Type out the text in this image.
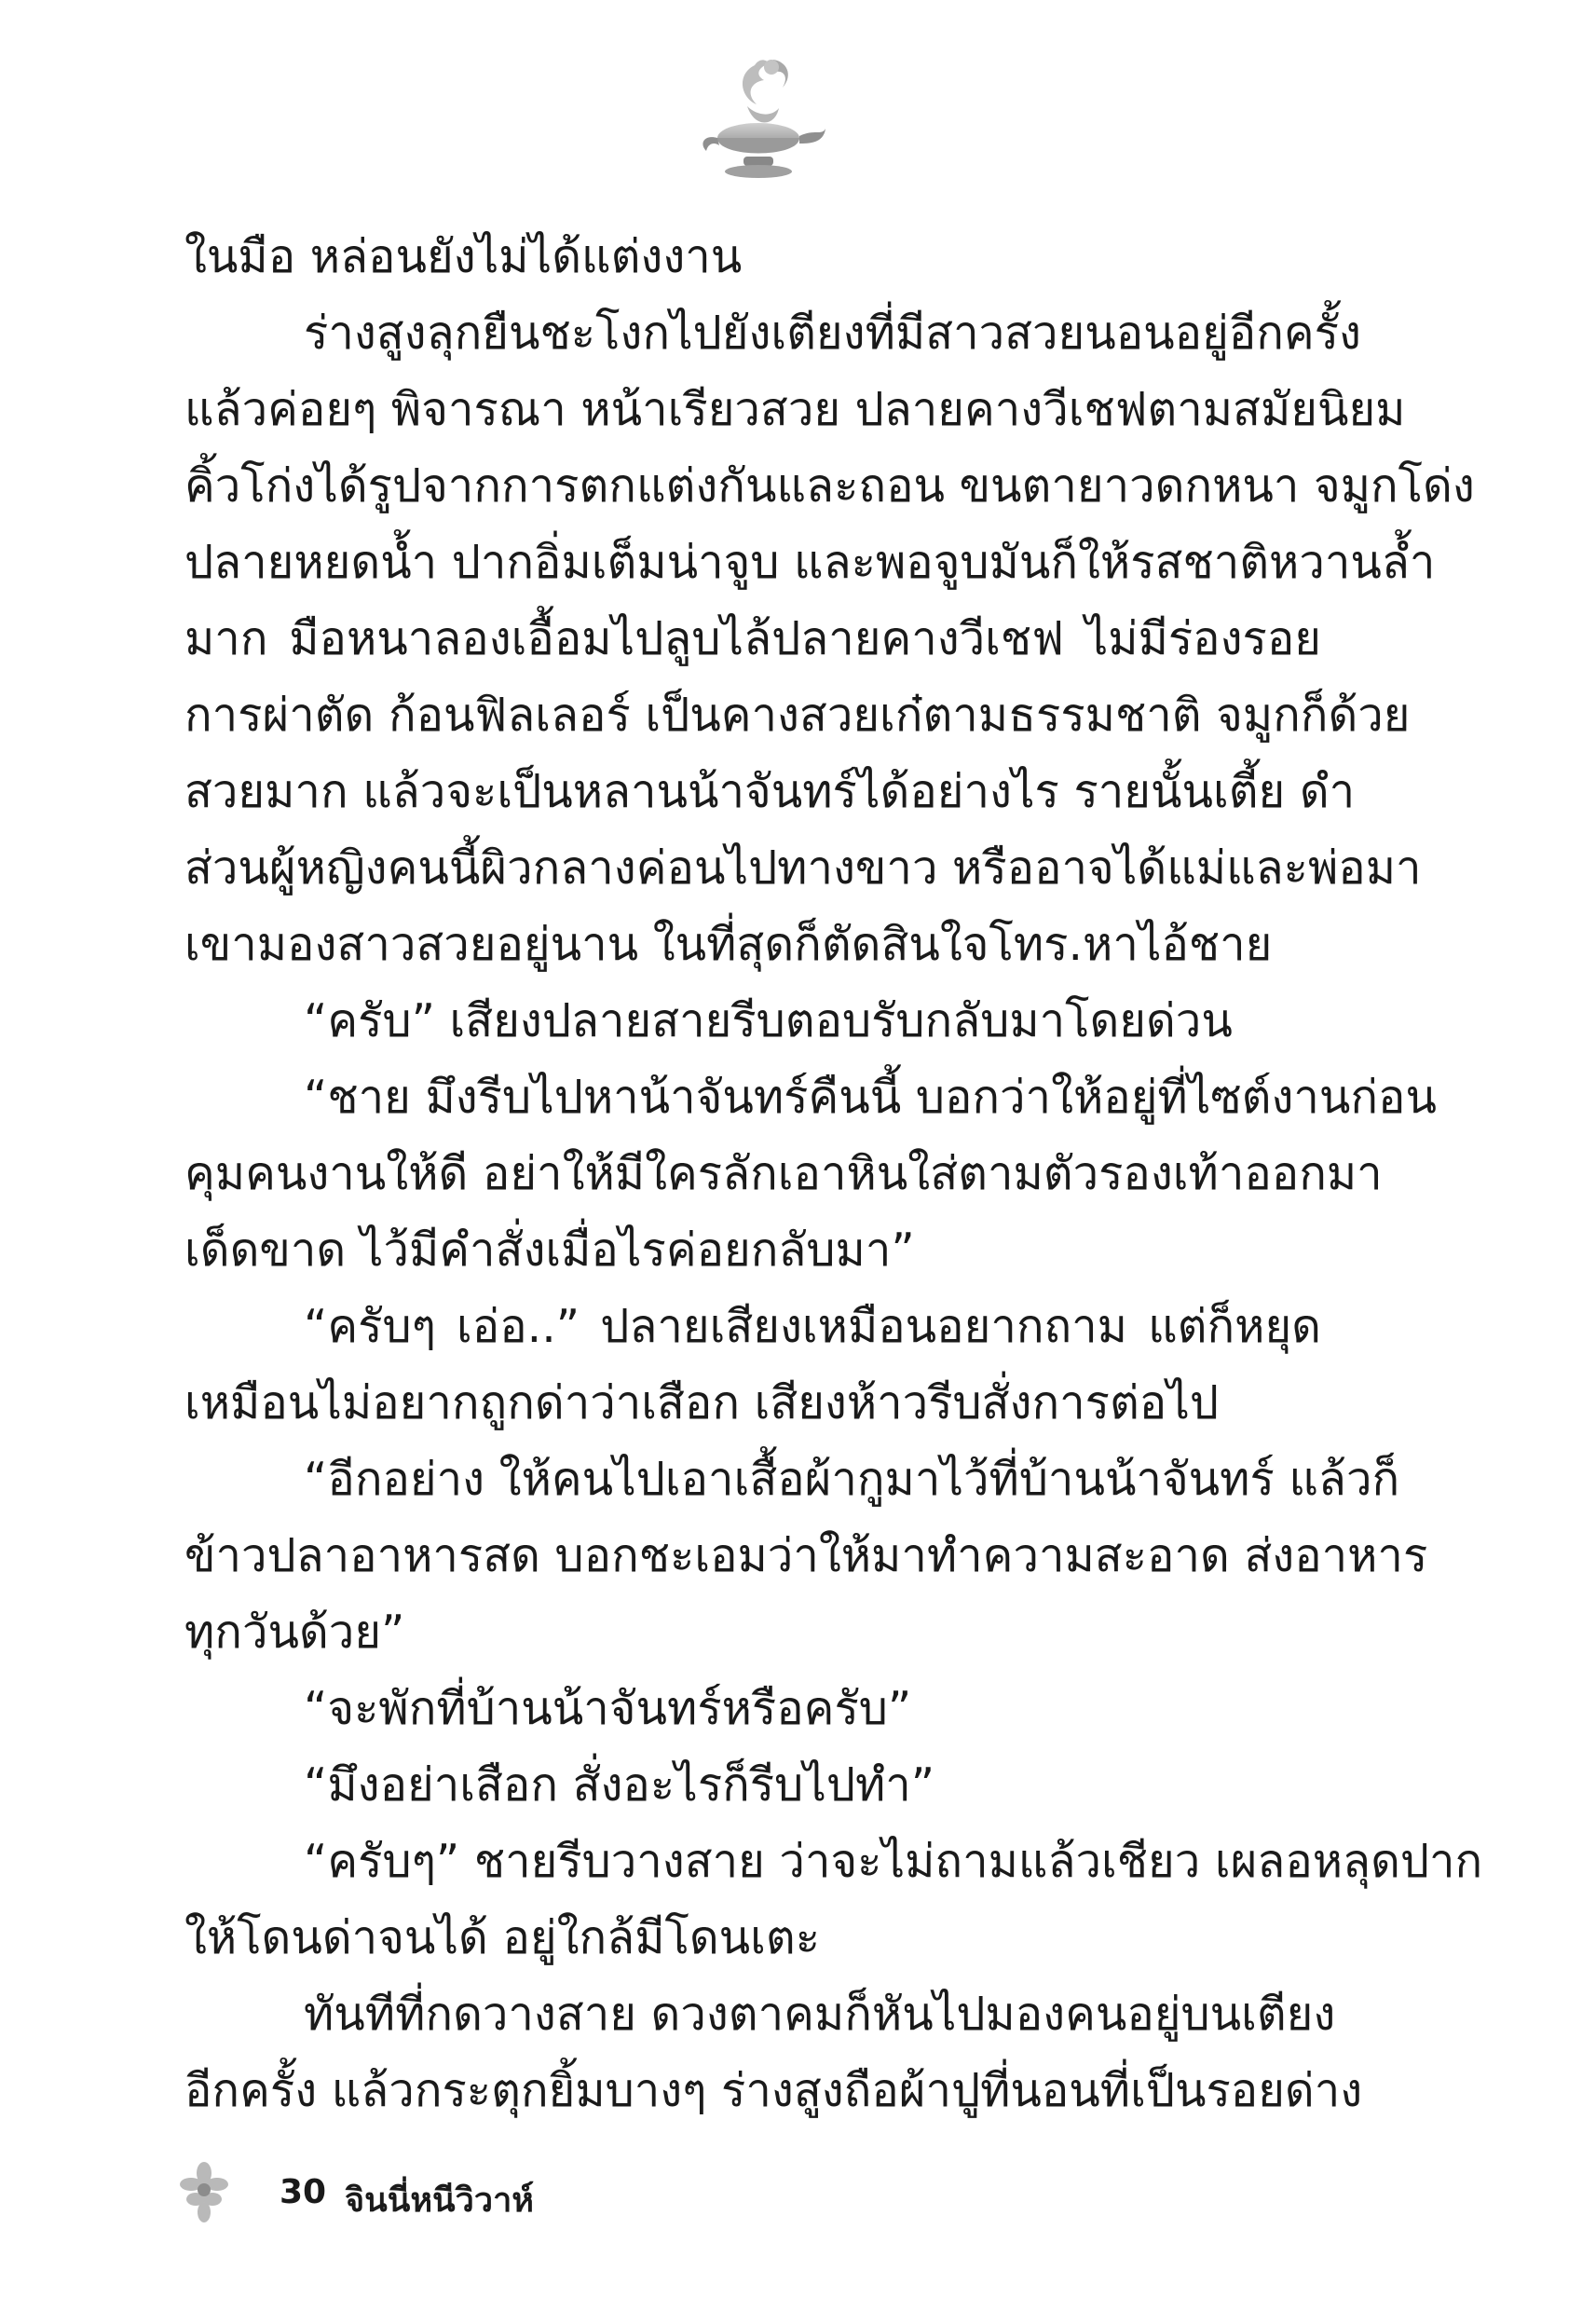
ในมือ หล่อนยังไม่ได้แต่งงาน
ร่างสูงลุกยืนชะโงกไปยังเตียงที่มีสาวสวยนอนอยู่อีกครั้ง
แล้วค่อยๆ พิจารณา หน้าเรียวสวย ปลายคางวีเชฟตามสมัยนิยม
คิ้วโก่งได้รูปจากการตกแต่งกันและถอน ขนตายาวดกหนา จมูกโด่ง
ปลายหยดน้ำ ปากอิ่มเต็มน่าจูบ และพอจูบมันก็ให้รสชาติหวานล้ำ
มาก มือหนาลองเอื้อมไปลูบไล้ปลายคางวีเชฟ ไม่มีร่องรอย
การผ่าตัด ก้อนฟิลเลอร์ เป็นคางสวยเก๋ตามธรรมชาติ จมูกก็ด้วย
สวยมาก แล้วจะเป็นหลานน้าจันทร์ได้อย่างไร รายนั้นเตี้ย ดำ
ส่วนผู้หญิงคนนี้ผิวกลางค่อนไปทางขาว หรืออาจได้แม่และพ่อมา
เขามองสาวสวยอยู่นาน ในที่สุดก็ตัดสินใจโทร.หาไอ้ชาย
“ครับ” เสียงปลายสายรีบตอบรับกลับมาโดยด่วน
“ชาย มึงรีบไปหาน้าจันทร์คืนนี้ บอกว่าให้อยู่ที่ไซต์งานก่อน
คุมคนงานให้ดี อย่าให้มีใครลักเอาหินใส่ตามตัวรองเท้าออกมา
เด็ดขาด ไว้มีคำสั่งเมื่อไรค่อยกลับมา”
“ครับๆ เอ่อ..” ปลายเสียงเหมือนอยากถาม แต่ก็หยุด
เหมือนไม่อยากถูกด่าว่าเสือก เสียงห้าวรีบสั่งการต่อไป
“อีกอย่าง ให้คนไปเอาเสื้อผ้ากูมาไว้ที่บ้านน้าจันทร์ แล้วก็
ข้าวปลาอาหารสด บอกชะเอมว่าให้มาทำความสะอาด ส่งอาหาร
ทุกวันด้วย”
“จะพักที่บ้านน้าจันทร์หรือครับ”
“มึงอย่าเสือก สั่งอะไรก็รีบไปทำ”
“ครับๆ” ชายรีบวางสาย ว่าจะไม่ถามแล้วเชียว เผลอหลุดปาก
ให้โดนด่าจนได้ อยู่ใกล้มีโดนเตะ
ทันทีที่กดวางสาย ดวงตาคมก็หันไปมองคนอยู่บนเตียง
อีกครั้ง แล้วกระตุกยิ้มบางๆ ร่างสูงถือผ้าปูที่นอนที่เป็นรอยด่าง
30 จินนี่หนีวิวาห์
